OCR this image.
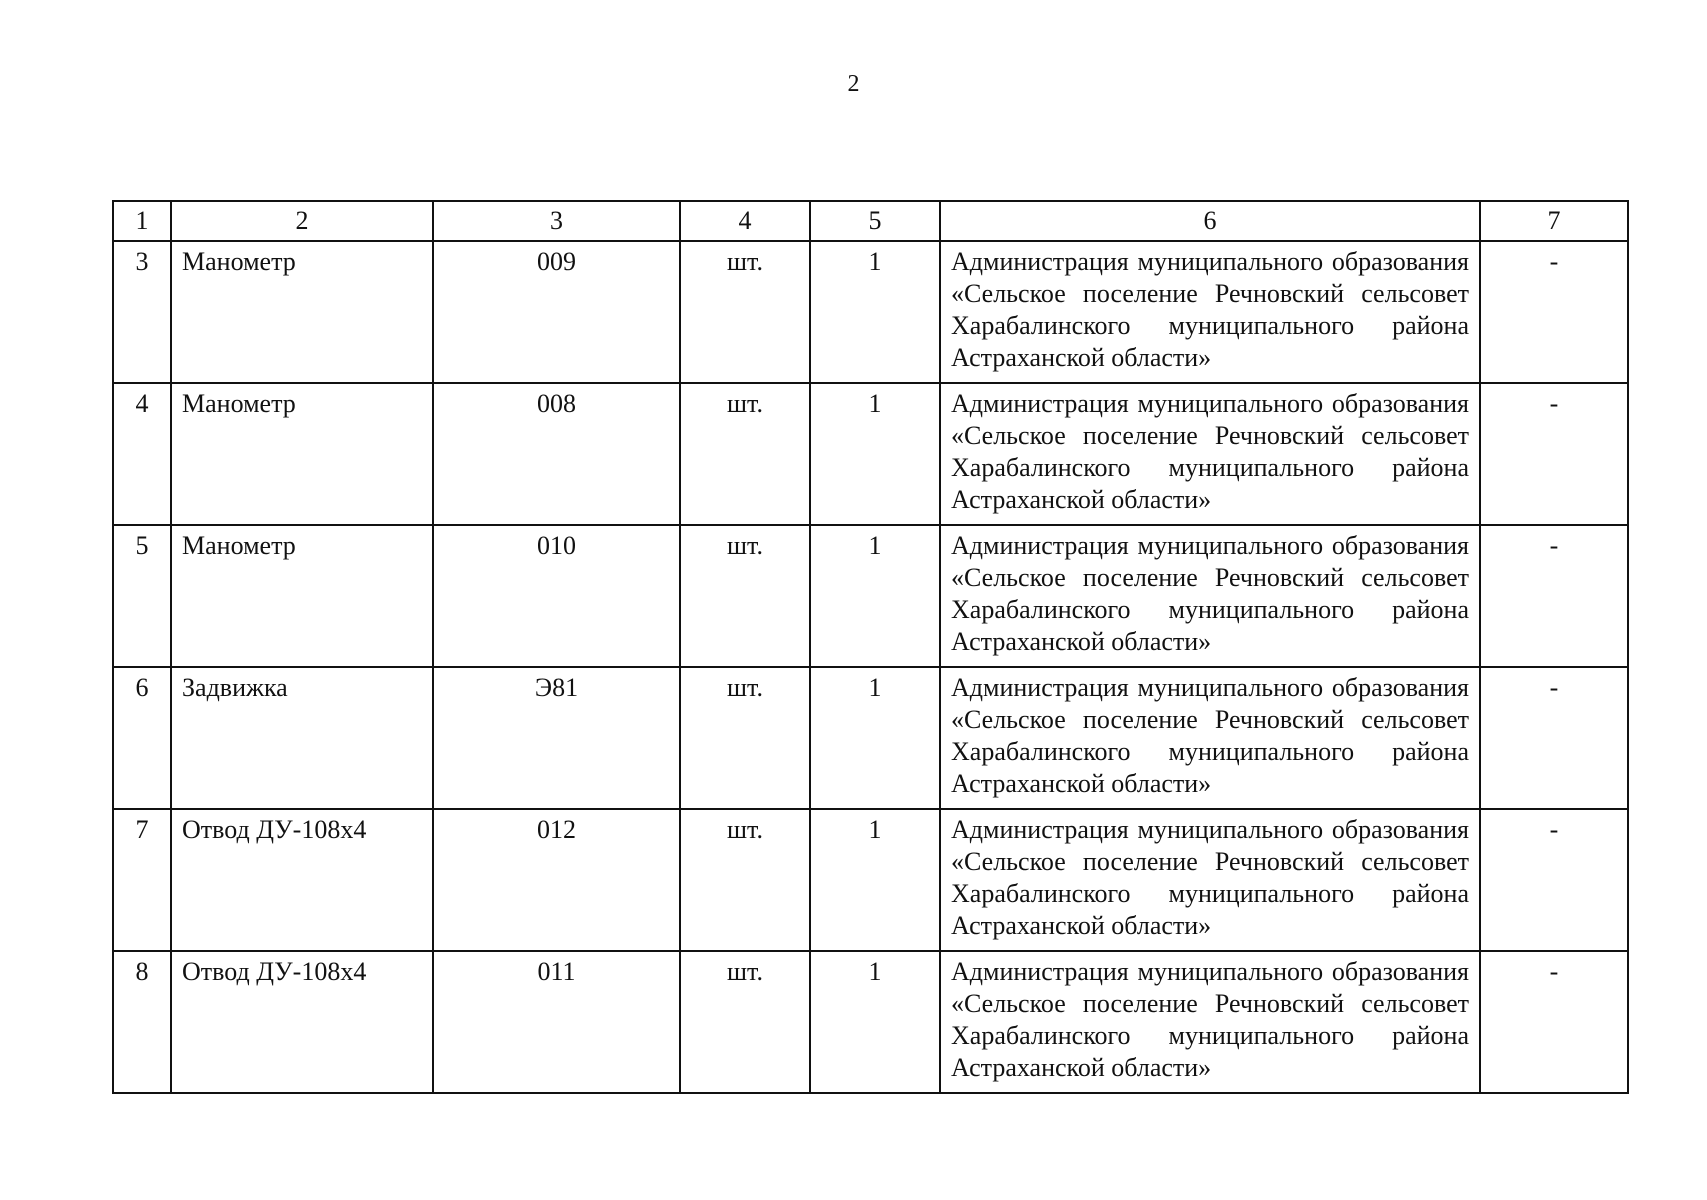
2
1	2	3	4	5	6	7
3	Манометр	009	шт.	1	Администрация муниципального образования «Сельское поселение Речновский сельсовет Харабалинского муниципального района Астраханской области»	-
4	Манометр	008	шт.	1	Администрация муниципального образования «Сельское поселение Речновский сельсовет Харабалинского муниципального района Астраханской области»	-
5	Манометр	010	шт.	1	Администрация муниципального образования «Сельское поселение Речновский сельсовет Харабалинского муниципального района Астраханской области»	-
6	Задвижка	Э81	шт.	1	Администрация муниципального образования «Сельское поселение Речновский сельсовет Харабалинского муниципального района Астраханской области»	-
7	Отвод ДУ-108х4	012	шт.	1	Администрация муниципального образования «Сельское поселение Речновский сельсовет Харабалинского муниципального района Астраханской области»	-
8	Отвод ДУ-108х4	011	шт.	1	Администрация муниципального образования «Сельское поселение Речновский сельсовет Харабалинского муниципального района Астраханской области»	-
